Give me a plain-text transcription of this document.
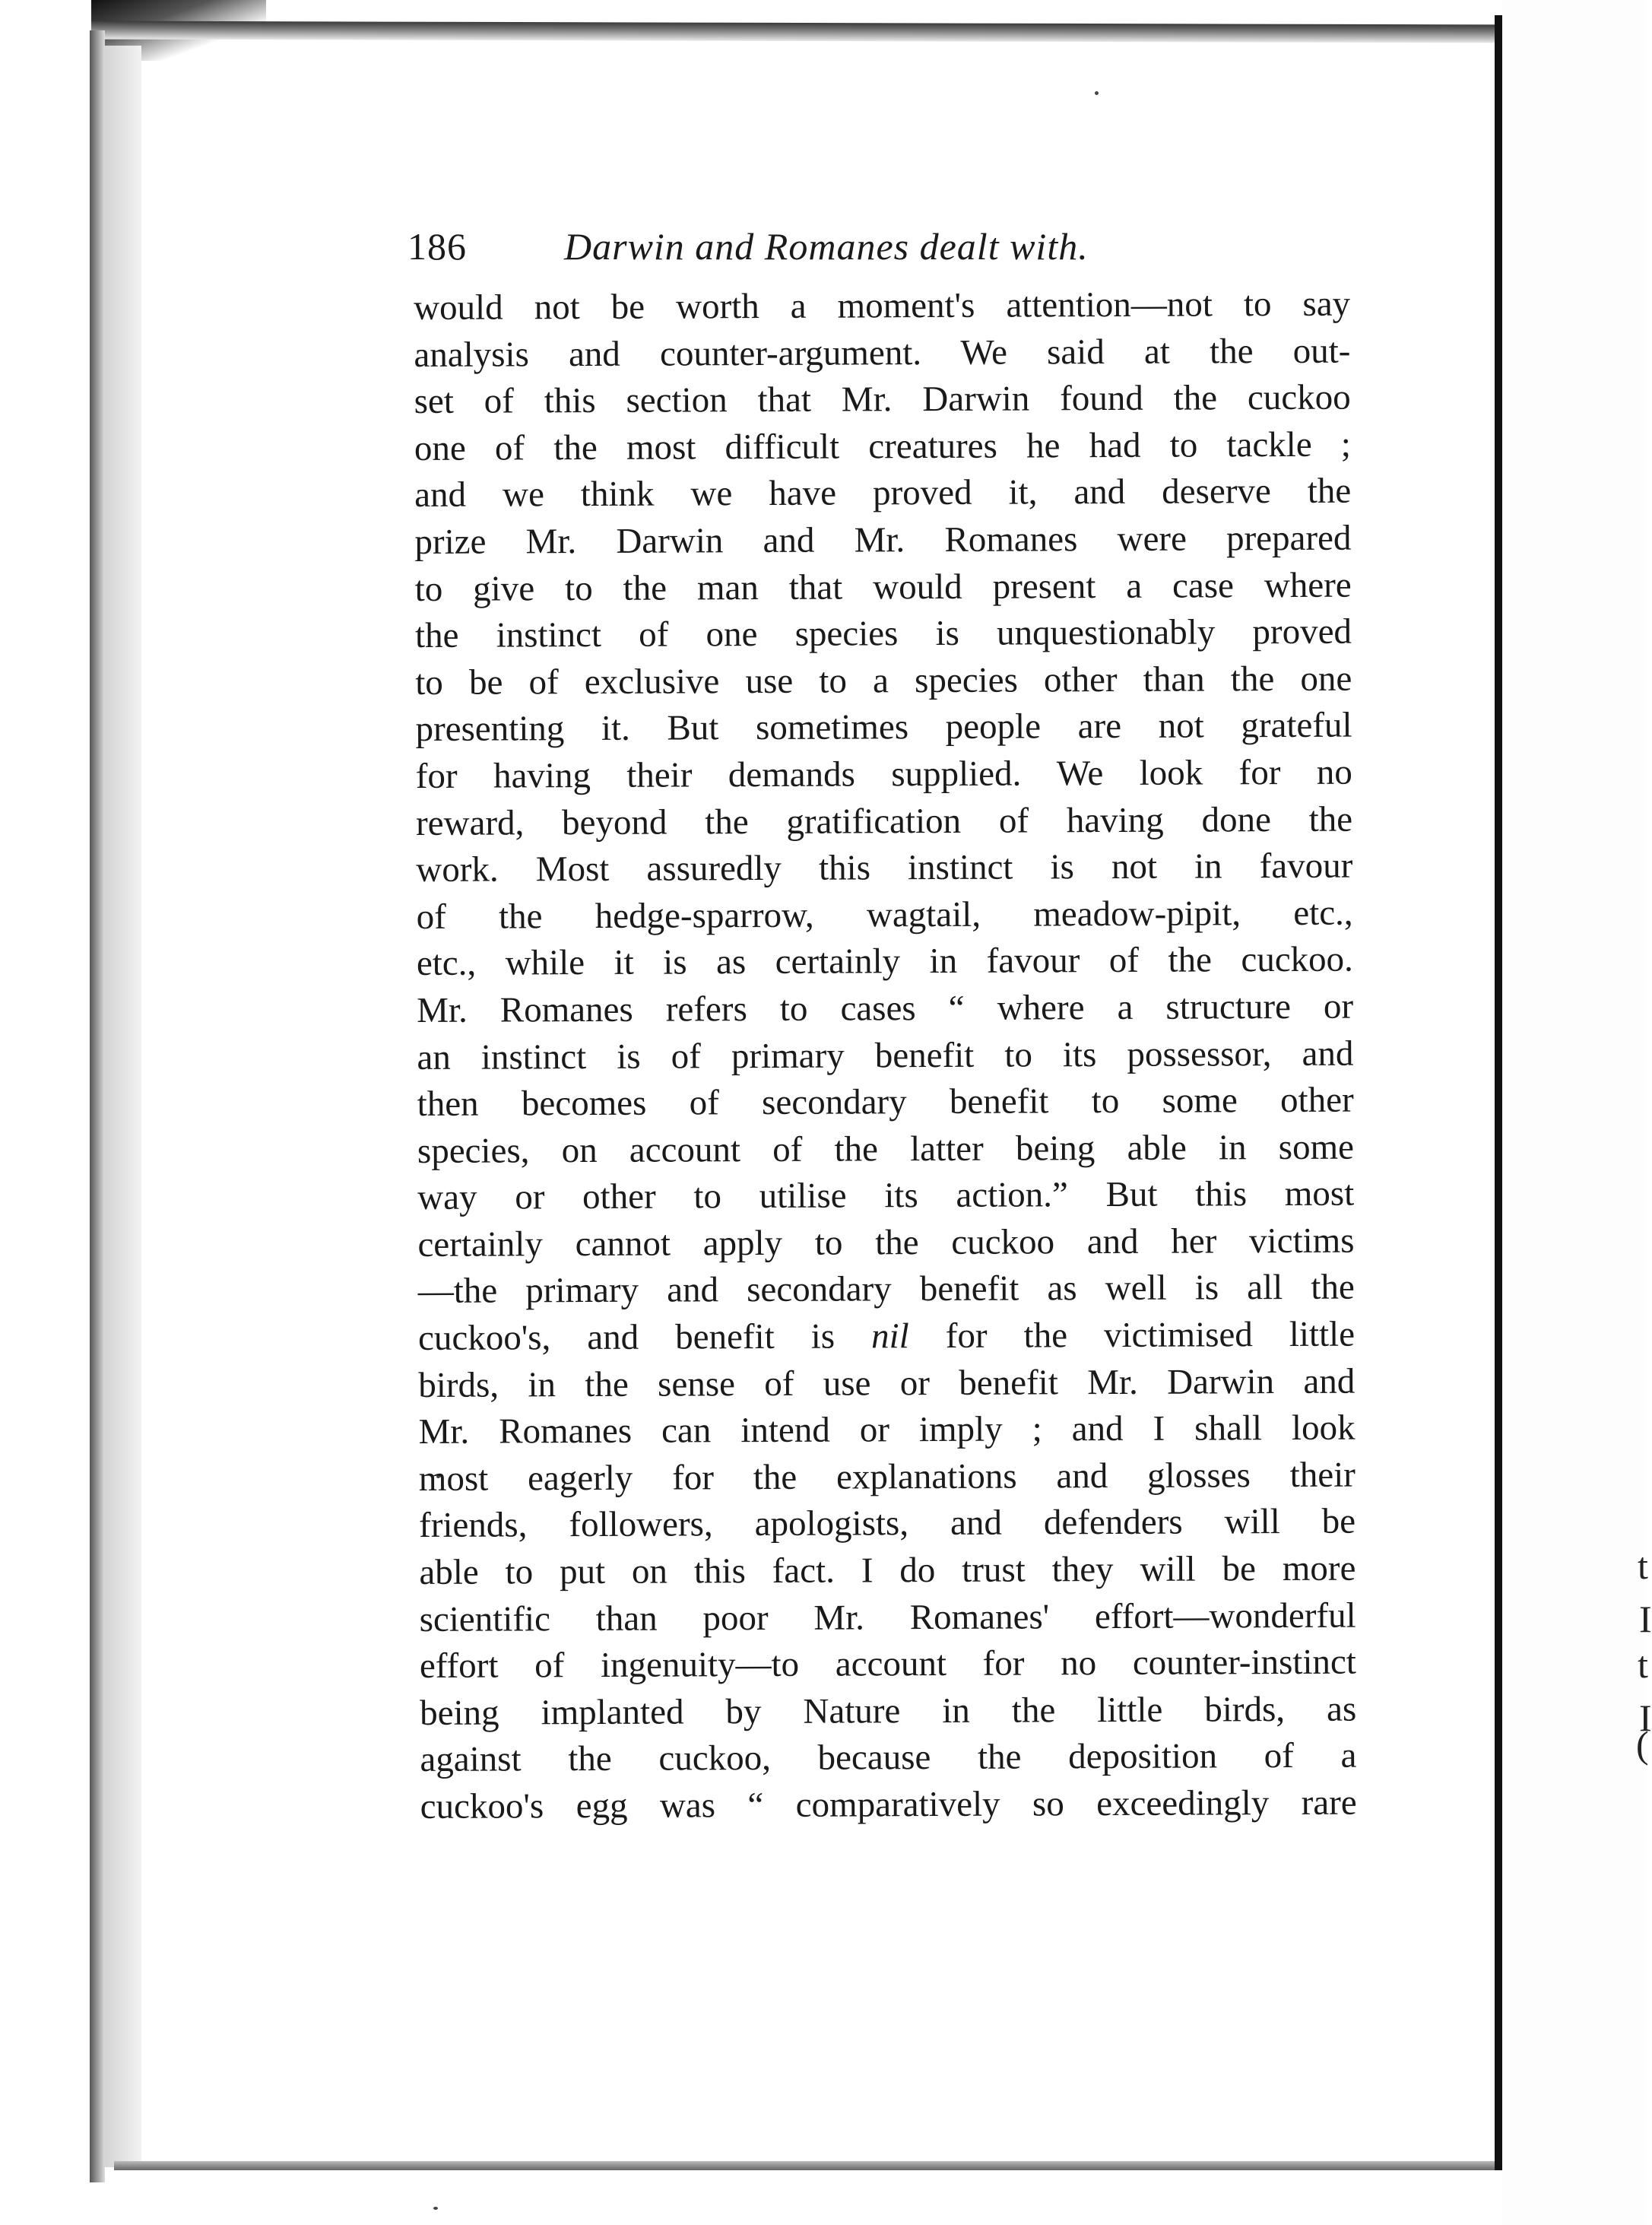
t
I
t
I
(
186	Darwin and Romanes dealt with.
would not be worth a moment's attention—not to say
analysis and counter-argument. We said at the out-
set of this section that Mr. Darwin found the cuckoo
one of the most difficult creatures he had to tackle ;
and we think we have proved it, and deserve the
prize Mr. Darwin and Mr. Romanes were prepared
to give to the man that would present a case where
the instinct of one species is unquestionably proved
to be of exclusive use to a species other than the one
presenting it. But sometimes people are not grateful
for having their demands supplied. We look for no
reward, beyond the gratification of having done the
work. Most assuredly this instinct is not in favour
of the hedge-sparrow, wagtail, meadow-pipit, etc.,
etc., while it is as certainly in favour of the cuckoo.
Mr. Romanes refers to cases “ where a structure or
an instinct is of primary benefit to its possessor, and
then becomes of secondary benefit to some other
species, on account of the latter being able in some
way or other to utilise its action.” But this most
certainly cannot apply to the cuckoo and her victims
—the primary and secondary benefit as well is all the
cuckoo's, and benefit is nil for the victimised little
birds, in the sense of use or benefit Mr. Darwin and
Mr. Romanes can intend or imply ; and I shall look
most eagerly for the explanations and glosses their
friends, followers, apologists, and defenders will be
able to put on this fact. I do trust they will be more
scientific than poor Mr. Romanes' effort—wonderful
effort of ingenuity—to account for no counter-instinct
being implanted by Nature in the little birds, as
against the cuckoo, because the deposition of a
cuckoo's egg was “ comparatively so exceedingly rare
